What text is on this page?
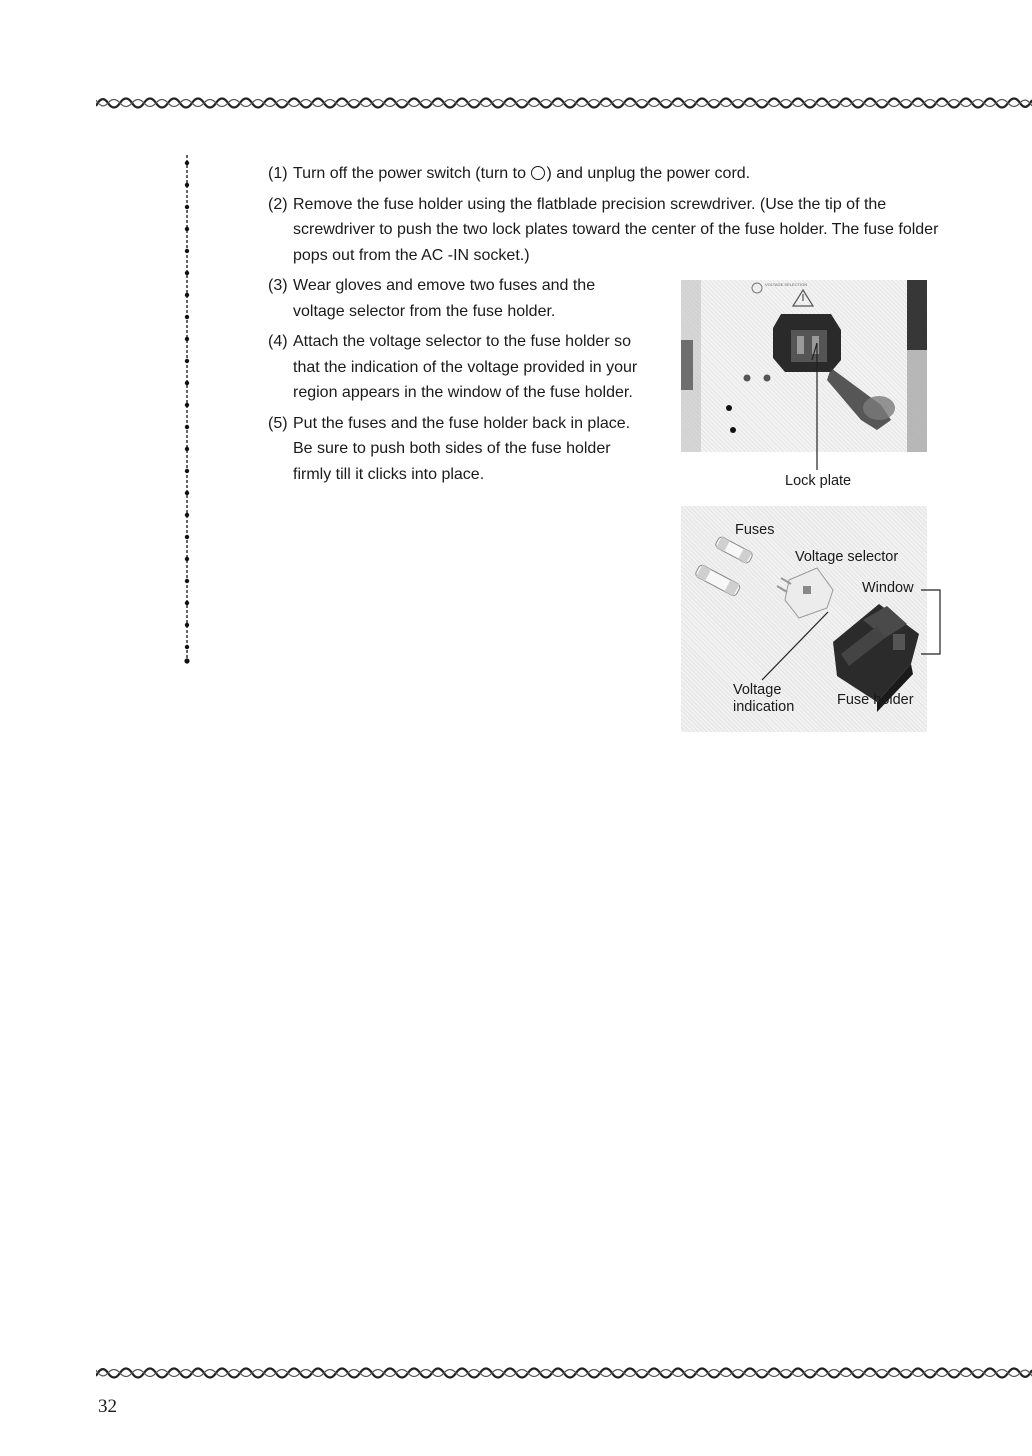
(1) Turn off the power switch (turn to ) and unplug the power cord.
(2) Remove the fuse holder using the flatblade precision screwdriver. (Use the tip of the screwdriver to push the two lock plates toward the center of the fuse holder. The fuse folder pops out from the AC -IN socket.)
(3) Wear gloves and emove two fuses and the voltage selector from the fuse holder.
(4) Attach the voltage selector to the fuse holder so that the indication of the voltage provided in your region appears in the window of the fuse holder.
(5) Put the fuses and the fuse holder back in place. Be sure to push both sides of the fuse holder firmly till it clicks into place.
VOLTAGE SELECTION
Lock plate
Fuses
Voltage selector
Window
Voltage
indication	Fuse holder
32
